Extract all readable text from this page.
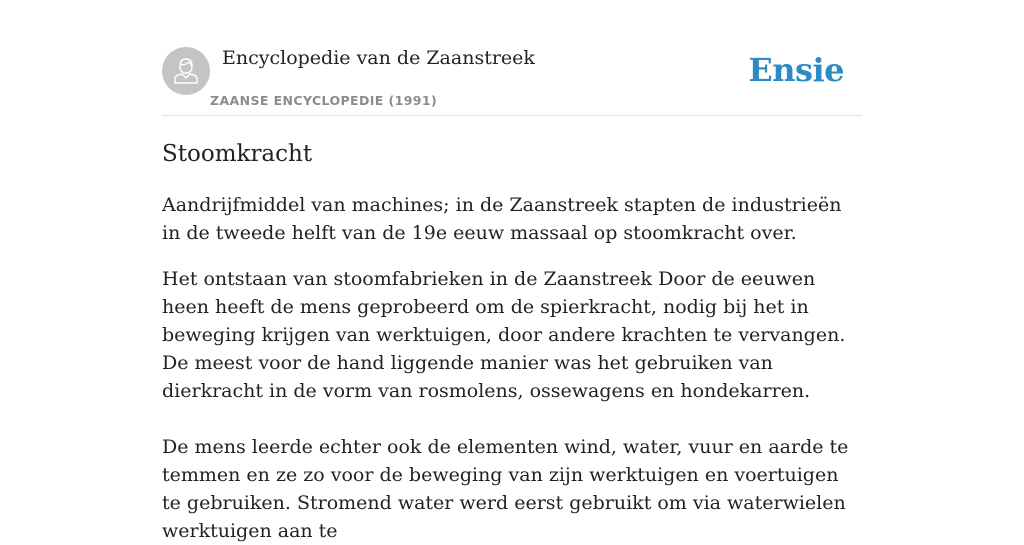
Encyclopedie van de Zaanstreek
ZAANSE ENCYCLOPEDIE (1991)
Ensie
Stoomkracht

Aandrijfmiddel van machines; in de Zaanstreek stapten de industrieën in de tweede helft van de 19e eeuw massaal op stoomkracht over.

Het ontstaan van stoomfabrieken in de Zaanstreek Door de eeuwen heen heeft de mens geprobeerd om de spierkracht, nodig bij het in beweging krijgen van werktuigen, door andere krachten te vervangen. De meest voor de hand liggende manier was het gebruiken van dierkracht in de vorm van rosmolens, ossewagens en hondekarren.

De mens leerde echter ook de elementen wind, water, vuur en aarde te temmen en ze zo voor de beweging van zijn werktuigen en voertuigen te gebruiken. Stromend water werd eerst gebruikt om via waterwielen werktuigen aan te
